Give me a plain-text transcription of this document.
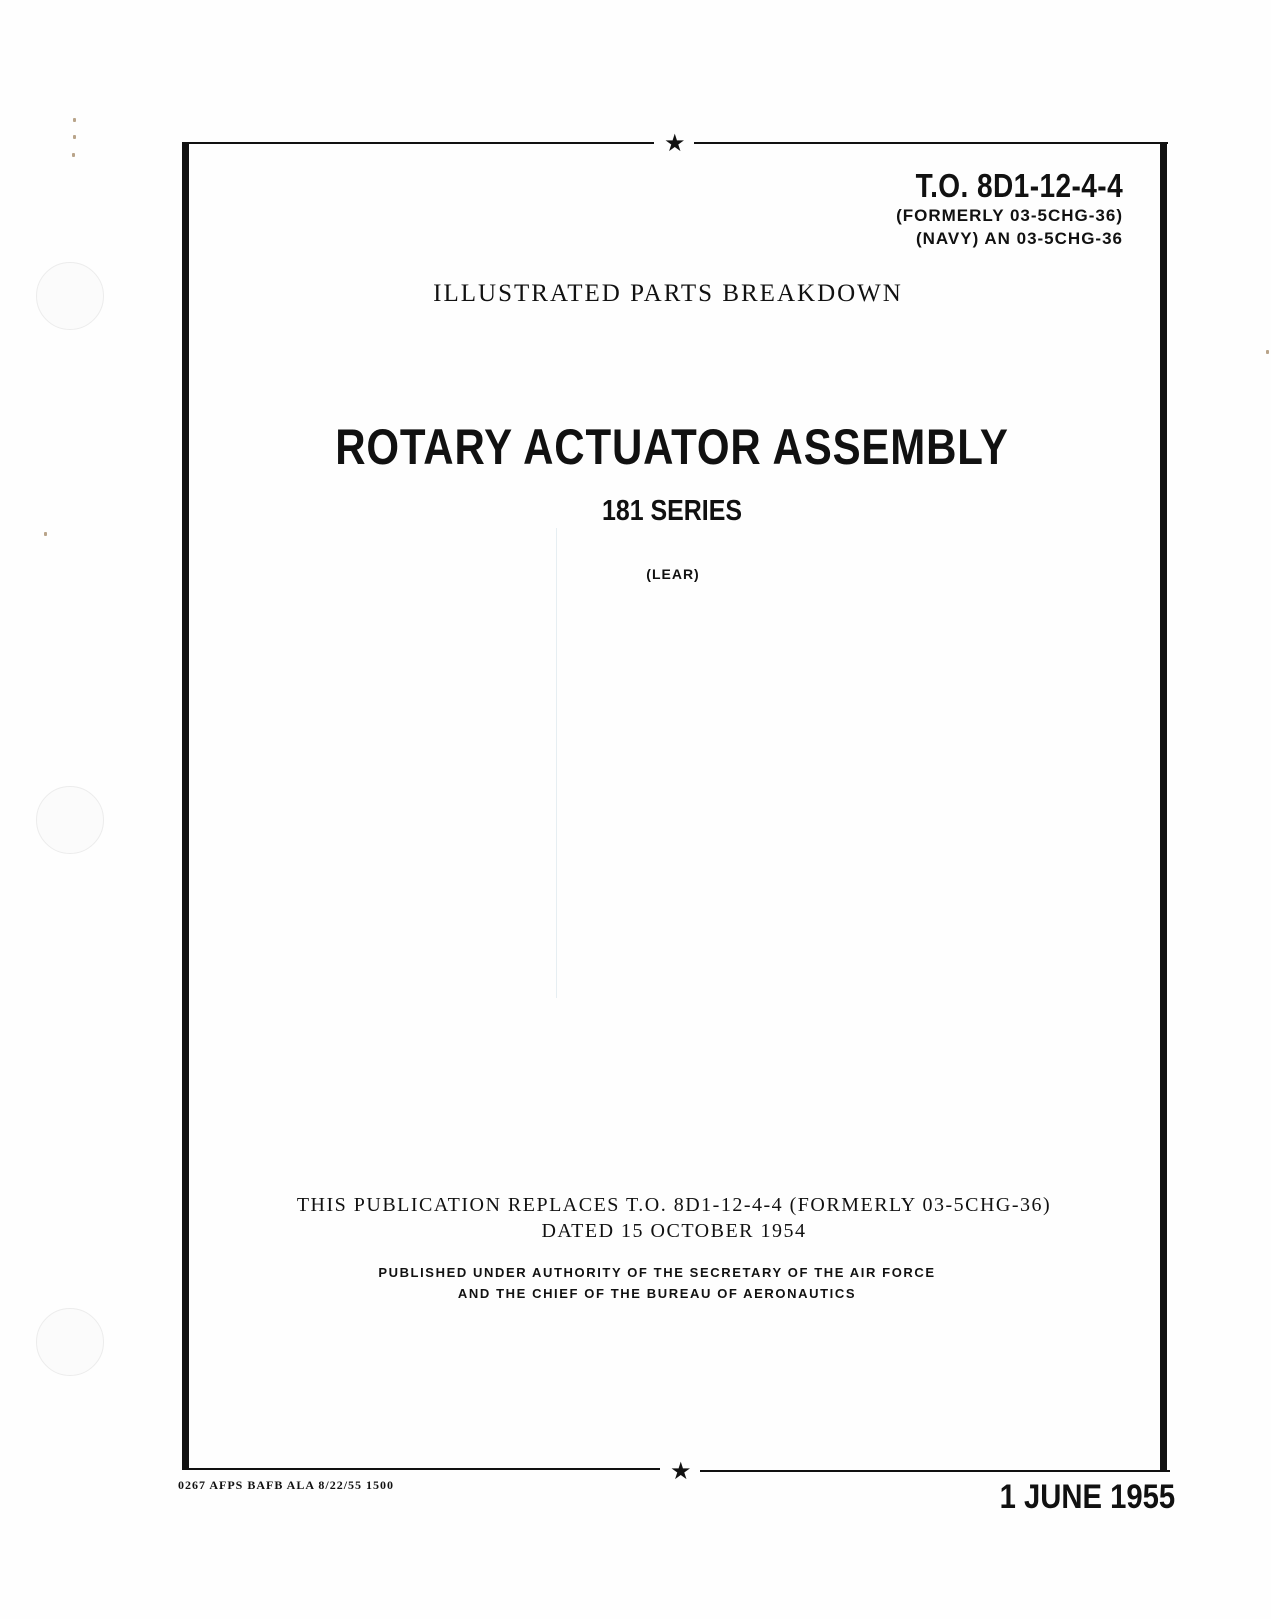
★
★
T.O. 8D1-12-4-4
(FORMERLY 03-5CHG-36)
(NAVY) AN 03-5CHG-36
ILLUSTRATED PARTS BREAKDOWN
ROTARY ACTUATOR ASSEMBLY
181 SERIES
(LEAR)
THIS PUBLICATION REPLACES T.O. 8D1-12-4-4 (FORMERLY 03-5CHG-36)
DATED 15 OCTOBER 1954
PUBLISHED UNDER AUTHORITY OF THE SECRETARY OF THE AIR FORCE
AND THE CHIEF OF THE BUREAU OF AERONAUTICS
0267 AFPS BAFB ALA 8/22/55 1500	1 JUNE 1955
